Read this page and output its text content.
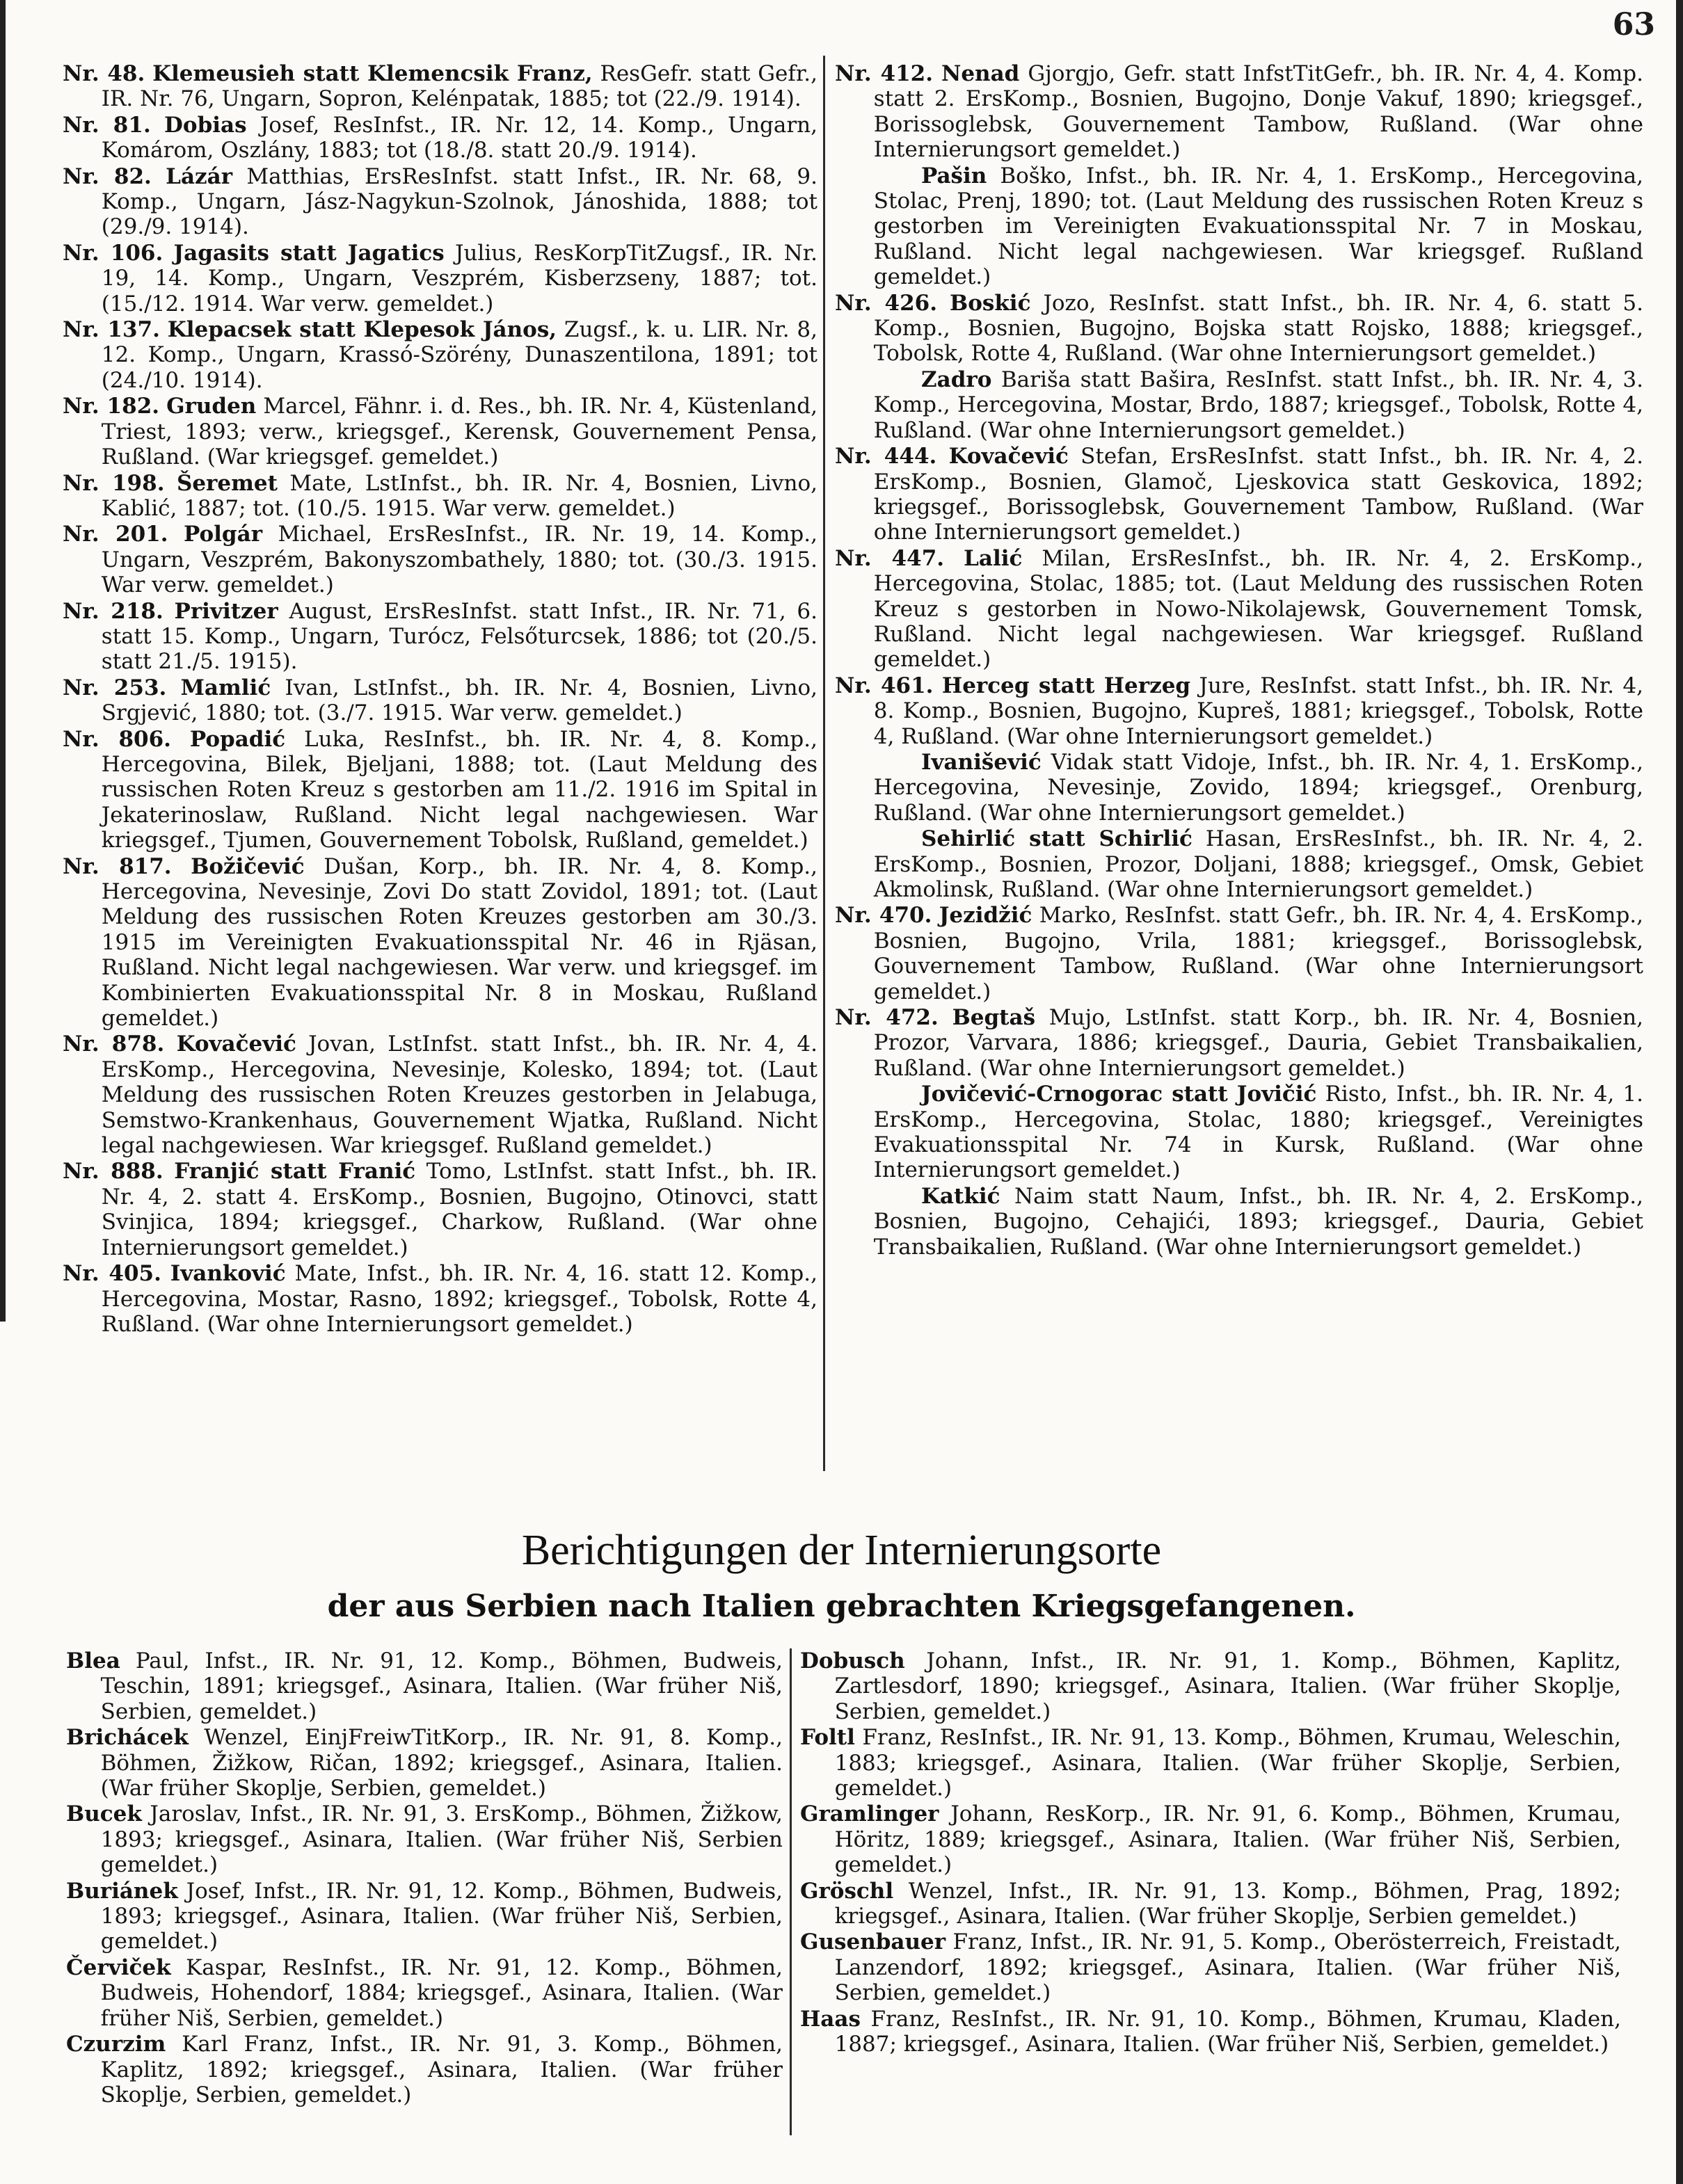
63

Nr. 48. Klemeusieh statt Klemencsik Franz, ResGefr. statt Gefr., IR. Nr. 76, Ungarn, Sopron, Kelénpatak, 1885; tot (22./9. 1914).

Nr. 81. Dobias Josef, ResInfst., IR. Nr. 12, 14. Komp., Ungarn, Komárom, Oszlány, 1883; tot (18./8. statt 20./9. 1914).

Nr. 82. Lázár Matthias, ErsResInfst. statt Infst., IR. Nr. 68, 9. Komp., Ungarn, Jász-Nagykun-Szolnok, Jánoshida, 1888; tot (29./9. 1914).

Nr. 106. Jagasits statt Jagatics Julius, ResKorpTitZugsf., IR. Nr. 19, 14. Komp., Ungarn, Veszprém, Kisberzseny, 1887; tot. (15./12. 1914. War verw. gemeldet.)

Nr. 137. Klepacsek statt Klepesok János, Zugsf., k. u. LIR. Nr. 8, 12. Komp., Ungarn, Krassó-Szörény, Dunaszentilona, 1891; tot (24./10. 1914).

Nr. 182. Gruden Marcel, Fähnr. i. d. Res., bh. IR. Nr. 4, Küstenland, Triest, 1893; verw., kriegsgef., Kerensk, Gouvernement Pensa, Rußland. (War kriegsgef. gemeldet.)

Nr. 198. Šeremet Mate, LstInfst., bh. IR. Nr. 4, Bosnien, Livno, Kablić, 1887; tot. (10./5. 1915. War verw. gemeldet.)

Nr. 201. Polgár Michael, ErsResInfst., IR. Nr. 19, 14. Komp., Ungarn, Veszprém, Bakonyszombathely, 1880; tot. (30./3. 1915. War verw. gemeldet.)

Nr. 218. Privitzer August, ErsResInfst. statt Infst., IR. Nr. 71, 6. statt 15. Komp., Ungarn, Turócz, Felsőturcsek, 1886; tot (20./5. statt 21./5. 1915).

Nr. 253. Mamlić Ivan, LstInfst., bh. IR. Nr. 4, Bosnien, Livno, Srgjević, 1880; tot. (3./7. 1915. War verw. gemeldet.)

Nr. 806. Popadić Luka, ResInfst., bh. IR. Nr. 4, 8. Komp., Hercegovina, Bilek, Bjeljani, 1888; tot. (Laut Meldung des russischen Roten Kreuz s gestorben am 11./2. 1916 im Spital in Jekaterinoslaw, Rußland. Nicht legal nachgewiesen. War kriegsgef., Tjumen, Gouvernement Tobolsk, Rußland, gemeldet.)

Nr. 817. Božičević Dušan, Korp., bh. IR. Nr. 4, 8. Komp., Hercegovina, Nevesinje, Zovi Do statt Zovidol, 1891; tot. (Laut Meldung des russischen Roten Kreuzes gestorben am 30./3. 1915 im Vereinigten Evakuationsspital Nr. 46 in Rjäsan, Rußland. Nicht legal nachgewiesen. War verw. und kriegsgef. im Kombinierten Evakuationsspital Nr. 8 in Moskau, Rußland gemeldet.)

Nr. 878. Kovačević Jovan, LstInfst. statt Infst., bh. IR. Nr. 4, 4. ErsKomp., Hercegovina, Nevesinje, Kolesko, 1894; tot. (Laut Meldung des russischen Roten Kreuzes gestorben in Jelabuga, Semstwo-Krankenhaus, Gouvernement Wjatka, Rußland. Nicht legal nachgewiesen. War kriegsgef. Rußland gemeldet.)

Nr. 888. Franjić statt Franić Tomo, LstInfst. statt Infst., bh. IR. Nr. 4, 2. statt 4. ErsKomp., Bosnien, Bugojno, Otinovci, statt Svinjica, 1894; kriegsgef., Charkow, Rußland. (War ohne Internierungsort gemeldet.)

Nr. 405. Ivanković Mate, Infst., bh. IR. Nr. 4, 16. statt 12. Komp., Hercegovina, Mostar, Rasno, 1892; kriegsgef., Tobolsk, Rotte 4, Rußland. (War ohne Internierungsort gemeldet.)

Nr. 412. Nenad Gjorgjo, Gefr. statt InfstTitGefr., bh. IR. Nr. 4, 4. Komp. statt 2. ErsKomp., Bosnien, Bugojno, Donje Vakuf, 1890; kriegsgef., Borissoglebsk, Gouvernement Tambow, Rußland. (War ohne Internierungsort gemeldet.)

Pašin Boško, Infst., bh. IR. Nr. 4, 1. ErsKomp., Hercegovina, Stolac, Prenj, 1890; tot. (Laut Meldung des russischen Roten Kreuz s gestorben im Vereinigten Evakuationsspital Nr. 7 in Moskau, Rußland. Nicht legal nachgewiesen. War kriegsgef. Rußland gemeldet.)

Nr. 426. Boskić Jozo, ResInfst. statt Infst., bh. IR. Nr. 4, 6. statt 5. Komp., Bosnien, Bugojno, Bojska statt Rojsko, 1888; kriegsgef., Tobolsk, Rotte 4, Rußland. (War ohne Internierungsort gemeldet.)

Zadro Bariša statt Bašira, ResInfst. statt Infst., bh. IR. Nr. 4, 3. Komp., Hercegovina, Mostar, Brdo, 1887; kriegsgef., Tobolsk, Rotte 4, Rußland. (War ohne Internierungsort gemeldet.)

Nr. 444. Kovačević Stefan, ErsResInfst. statt Infst., bh. IR. Nr. 4, 2. ErsKomp., Bosnien, Glamoč, Ljeskovica statt Geskovica, 1892; kriegsgef., Borissoglebsk, Gouvernement Tambow, Rußland. (War ohne Internierungsort gemeldet.)

Nr. 447. Lalić Milan, ErsResInfst., bh. IR. Nr. 4, 2. ErsKomp., Hercegovina, Stolac, 1885; tot. (Laut Meldung des russischen Roten Kreuz s gestorben in Nowo-Nikolajewsk, Gouvernement Tomsk, Rußland. Nicht legal nachgewiesen. War kriegsgef. Rußland gemeldet.)

Nr. 461. Herceg statt Herzeg Jure, ResInfst. statt Infst., bh. IR. Nr. 4, 8. Komp., Bosnien, Bugojno, Kupreš, 1881; kriegsgef., Tobolsk, Rotte 4, Rußland. (War ohne Internierungsort gemeldet.)

Ivanišević Vidak statt Vidoje, Infst., bh. IR. Nr. 4, 1. ErsKomp., Hercegovina, Nevesinje, Zovido, 1894; kriegsgef., Orenburg, Rußland. (War ohne Internierungsort gemeldet.)

Sehirlić statt Schirlić Hasan, ErsResInfst., bh. IR. Nr. 4, 2. ErsKomp., Bosnien, Prozor, Doljani, 1888; kriegsgef., Omsk, Gebiet Akmolinsk, Rußland. (War ohne Internierungsort gemeldet.)

Nr. 470. Jezidžić Marko, ResInfst. statt Gefr., bh. IR. Nr. 4, 4. ErsKomp., Bosnien, Bugojno, Vrila, 1881; kriegsgef., Borissoglebsk, Gouvernement Tambow, Rußland. (War ohne Internierungsort gemeldet.)

Nr. 472. Begtaš Mujo, LstInfst. statt Korp., bh. IR. Nr. 4, Bosnien, Prozor, Varvara, 1886; kriegsgef., Dauria, Gebiet Transbaikalien, Rußland. (War ohne Internierungsort gemeldet.)

Jovičević-Crnogorac statt Jovičić Risto, Infst., bh. IR. Nr. 4, 1. ErsKomp., Hercegovina, Stolac, 1880; kriegsgef., Vereinigtes Evakuationsspital Nr. 74 in Kursk, Rußland. (War ohne Internierungsort gemeldet.)

Katkić Naim statt Naum, Infst., bh. IR. Nr. 4, 2. ErsKomp., Bosnien, Bugojno, Cehajići, 1893; kriegsgef., Dauria, Gebiet Transbaikalien, Rußland. (War ohne Internierungsort gemeldet.)

Berichtigungen der Internierungsorte
der aus Serbien nach Italien gebrachten Kriegsgefangenen.

Blea Paul, Infst., IR. Nr. 91, 12. Komp., Böhmen, Budweis, Teschin, 1891; kriegsgef., Asinara, Italien. (War früher Niš, Serbien, gemeldet.)

Brichácek Wenzel, EinjFreiwTitKorp., IR. Nr. 91, 8. Komp., Böhmen, Žižkow, Ričan, 1892; kriegsgef., Asinara, Italien. (War früher Skoplje, Serbien, gemeldet.)

Bucek Jaroslav, Infst., IR. Nr. 91, 3. ErsKomp., Böhmen, Žižkow, 1893; kriegsgef., Asinara, Italien. (War früher Niš, Serbien gemeldet.)

Buriánek Josef, Infst., IR. Nr. 91, 12. Komp., Böhmen, Budweis, 1893; kriegsgef., Asinara, Italien. (War früher Niš, Serbien, gemeldet.)

Červiček Kaspar, ResInfst., IR. Nr. 91, 12. Komp., Böhmen, Budweis, Hohendorf, 1884; kriegsgef., Asinara, Italien. (War früher Niš, Serbien, gemeldet.)

Czurzim Karl Franz, Infst., IR. Nr. 91, 3. Komp., Böhmen, Kaplitz, 1892; kriegsgef., Asinara, Italien. (War früher Skoplje, Serbien, gemeldet.)

Dobusch Johann, Infst., IR. Nr. 91, 1. Komp., Böhmen, Kaplitz, Zartlesdorf, 1890; kriegsgef., Asinara, Italien. (War früher Skoplje, Serbien, gemeldet.)

Foltl Franz, ResInfst., IR. Nr. 91, 13. Komp., Böhmen, Krumau, Weleschin, 1883; kriegsgef., Asinara, Italien. (War früher Skoplje, Serbien, gemeldet.)

Gramlinger Johann, ResKorp., IR. Nr. 91, 6. Komp., Böhmen, Krumau, Höritz, 1889; kriegsgef., Asinara, Italien. (War früher Niš, Serbien, gemeldet.)

Gröschl Wenzel, Infst., IR. Nr. 91, 13. Komp., Böhmen, Prag, 1892; kriegsgef., Asinara, Italien. (War früher Skoplje, Serbien gemeldet.)

Gusenbauer Franz, Infst., IR. Nr. 91, 5. Komp., Oberösterreich, Freistadt, Lanzendorf, 1892; kriegsgef., Asinara, Italien. (War früher Niš, Serbien, gemeldet.)

Haas Franz, ResInfst., IR. Nr. 91, 10. Komp., Böhmen, Krumau, Kladen, 1887; kriegsgef., Asinara, Italien. (War früher Niš, Serbien, gemeldet.)
